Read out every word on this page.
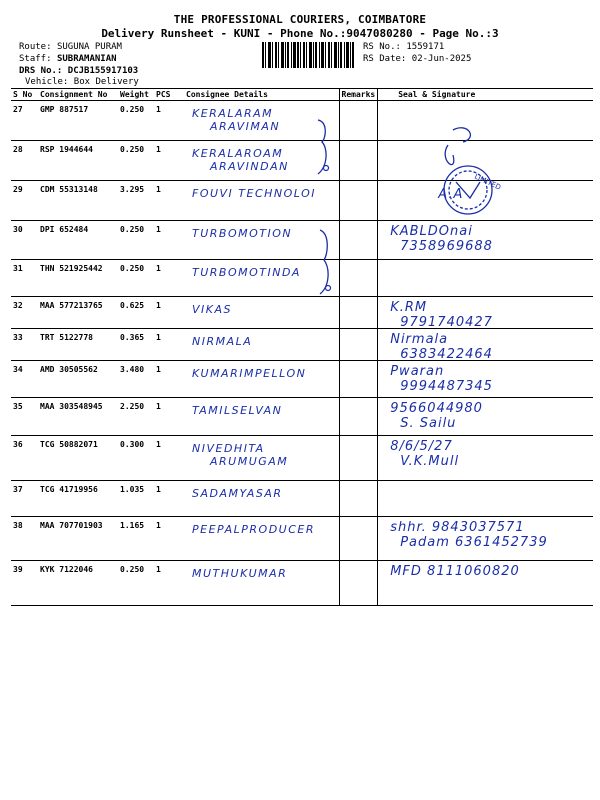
THE PROFESSIONAL COURIERS, COIMBATORE
Delivery Runsheet - KUNI - Phone No.:9047080280 - Page No.:3
Route: SUGUNA PURAM
Staff: SUBRAMANIAN
DRS No.: DCJB155917103
Vehicle: Box Delivery
RS No.: 1559171
RS Date: 02-Jun-2025
S No	Consignment No	Weight	PCS	Consignee Details	Remarks	Seal & Signature
27	GMP 887517	0.250	1	KERALARAM
ARAVIMAN		

28	RSP 1944644	0.250	1	KERALAROAM
ARAVINDAN		

29	CDM 55313148	3.295	1	FOUVI TECHNOLOI		A.A

30	DPI 652484	0.250	1	TURBOMOTION		KABLDOnai
7358969688

31	THN 521925442	0.250	1	TURBOMOTINDA		

32	MAA 577213765	0.625	1	VIKAS		K.RM
9791740427

33	TRT 5122778	0.365	1	NIRMALA		Nirmala
6383422464

34	AMD 30505562	3.480	1	KUMARIMPELLON		Pwaran
9994487345

35	MAA 303548945	2.250	1	TAMILSELVAN		9566044980
S. Sailu

36	TCG 50882071	0.300	1	NIVEDHITA
ARUMUGAM		8/6/5/27
V.K.Mull

37	TCG 41719956	1.035	1	SADAMYASAR		

38	MAA 707701903	1.165	1	PEEPALPRODUCER		shhr. 9843037571
Padam 6361452739

39	KYK 7122046	0.250	1	MUTHUKUMAR		MFD 8111060820
LIMITED
